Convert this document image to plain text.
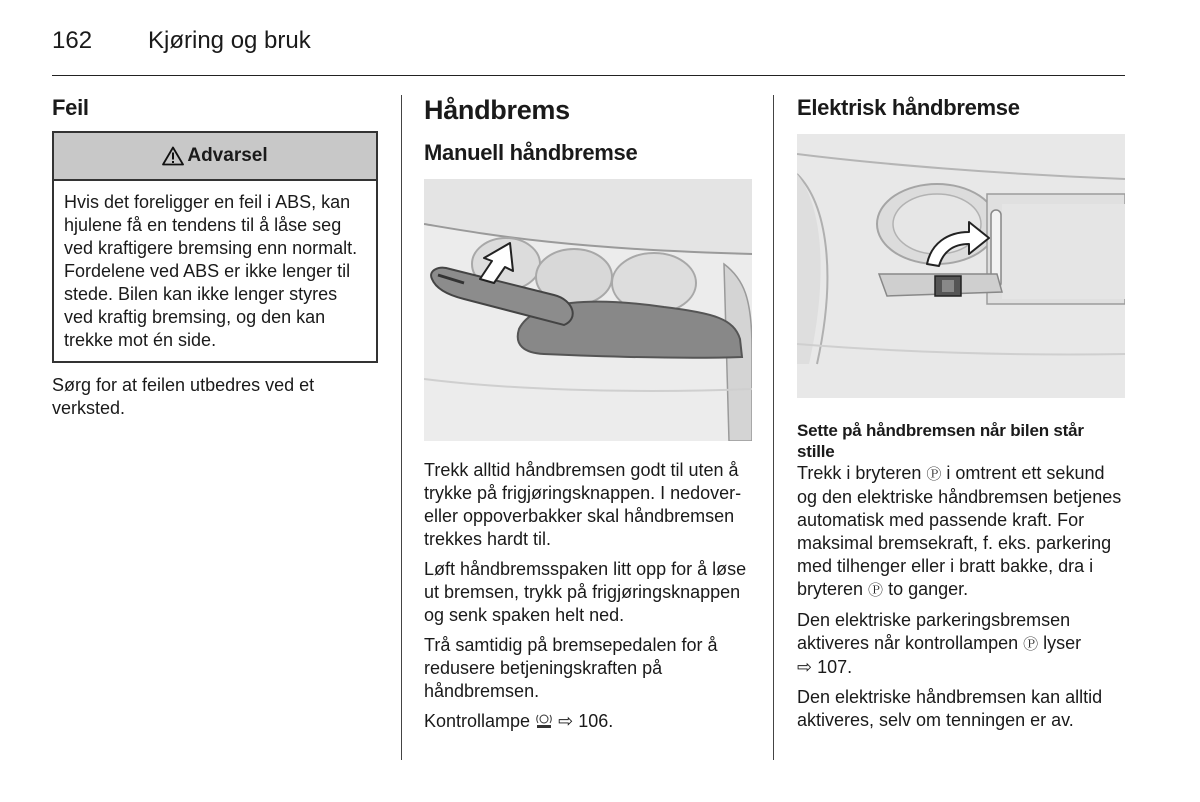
162 Kjøring og bruk
Feil
Advarsel

Hvis det foreligger en feil i ABS, kan hjulene få en tendens til å låse seg ved kraftigere bremsing enn normalt. Fordelene ved ABS er ikke lenger til stede. Bilen kan ikke lenger styres ved kraftig bremsing, og den kan trekke mot én side.

Sørg for at feilen utbedres ved et verksted.

Håndbrems
Manuell håndbremse

Trekk alltid håndbremsen godt til uten å trykke på frigjøringsknappen. I nedover- eller oppoverbakker skal håndbremsen trekkes hardt til.

Løft håndbremsspaken litt opp for å løse ut bremsen, trykk på frigjøringsknappen og senk spaken helt ned.

Trå samtidig på bremsepedalen for å redusere betjeningskraften på håndbremsen.

Kontrollampe ⇨ 106.

Elektrisk håndbremse
Sette på håndbremsen når bilen står stille

Trekk i bryteren Ⓟ i omtrent ett sekund og den elektriske håndbremsen betjenes automatisk med passende kraft. For maksimal bremsekraft, f. eks. parkering med tilhenger eller i bratt bakke, dra i bryteren Ⓟ to ganger.

Den elektriske parkeringsbremsen aktiveres når kontrollampen Ⓟ lyser
⇨ 107.

Den elektriske håndbremsen kan alltid aktiveres, selv om tenningen er av.
